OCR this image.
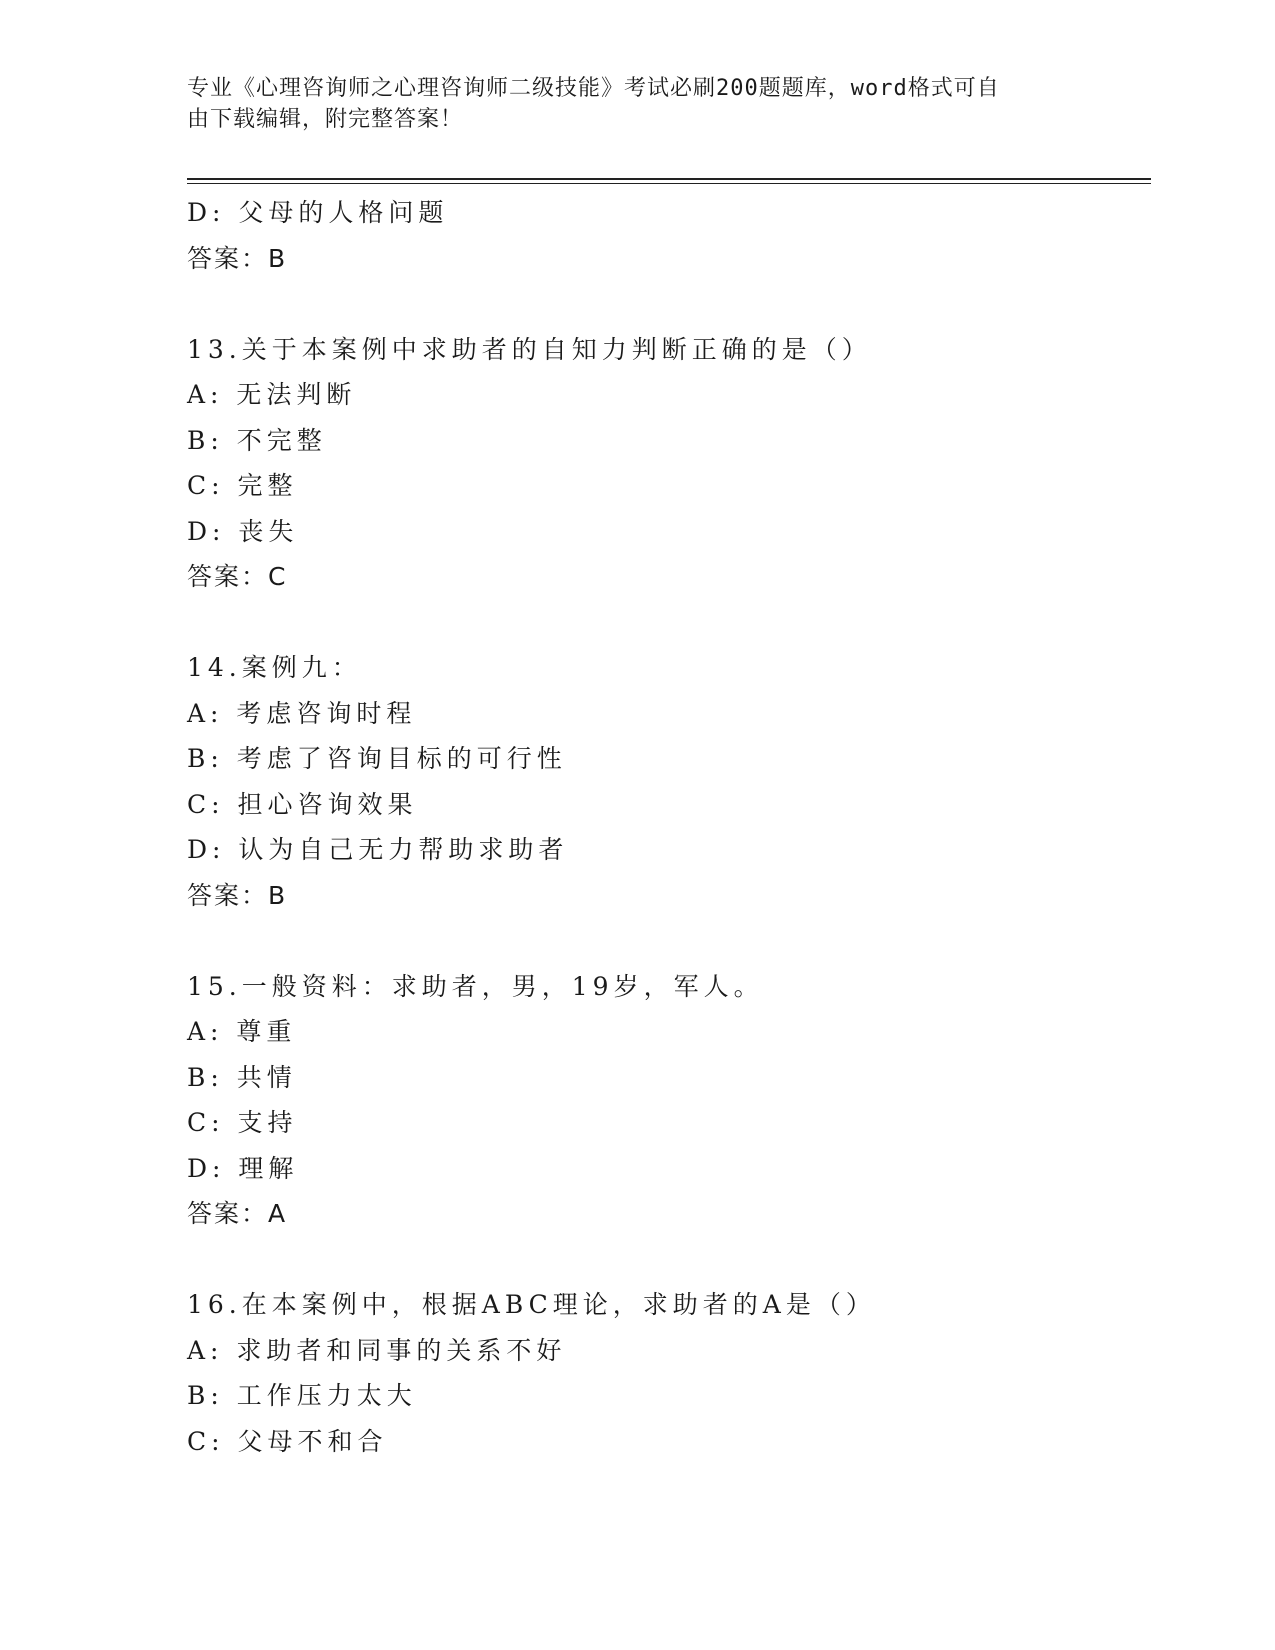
专业《心理咨询师之心理咨询师二级技能》考试必刷200题题库，word格式可自
由下载编辑，附完整答案！
D: 父母的人格问题
答案：B
13.关于本案例中求助者的自知力判断正确的是（）
A: 无法判断
B: 不完整
C: 完整
D: 丧失
答案：C
14.案例九：
A: 考虑咨询时程
B: 考虑了咨询目标的可行性
C: 担心咨询效果
D: 认为自己无力帮助求助者
答案：B
15.一般资料：求助者，男，19岁，军人。
A: 尊重
B: 共情
C: 支持
D: 理解
答案：A
16.在本案例中，根据ABC理论，求助者的A是（）
A: 求助者和同事的关系不好
B: 工作压力太大
C: 父母不和合
